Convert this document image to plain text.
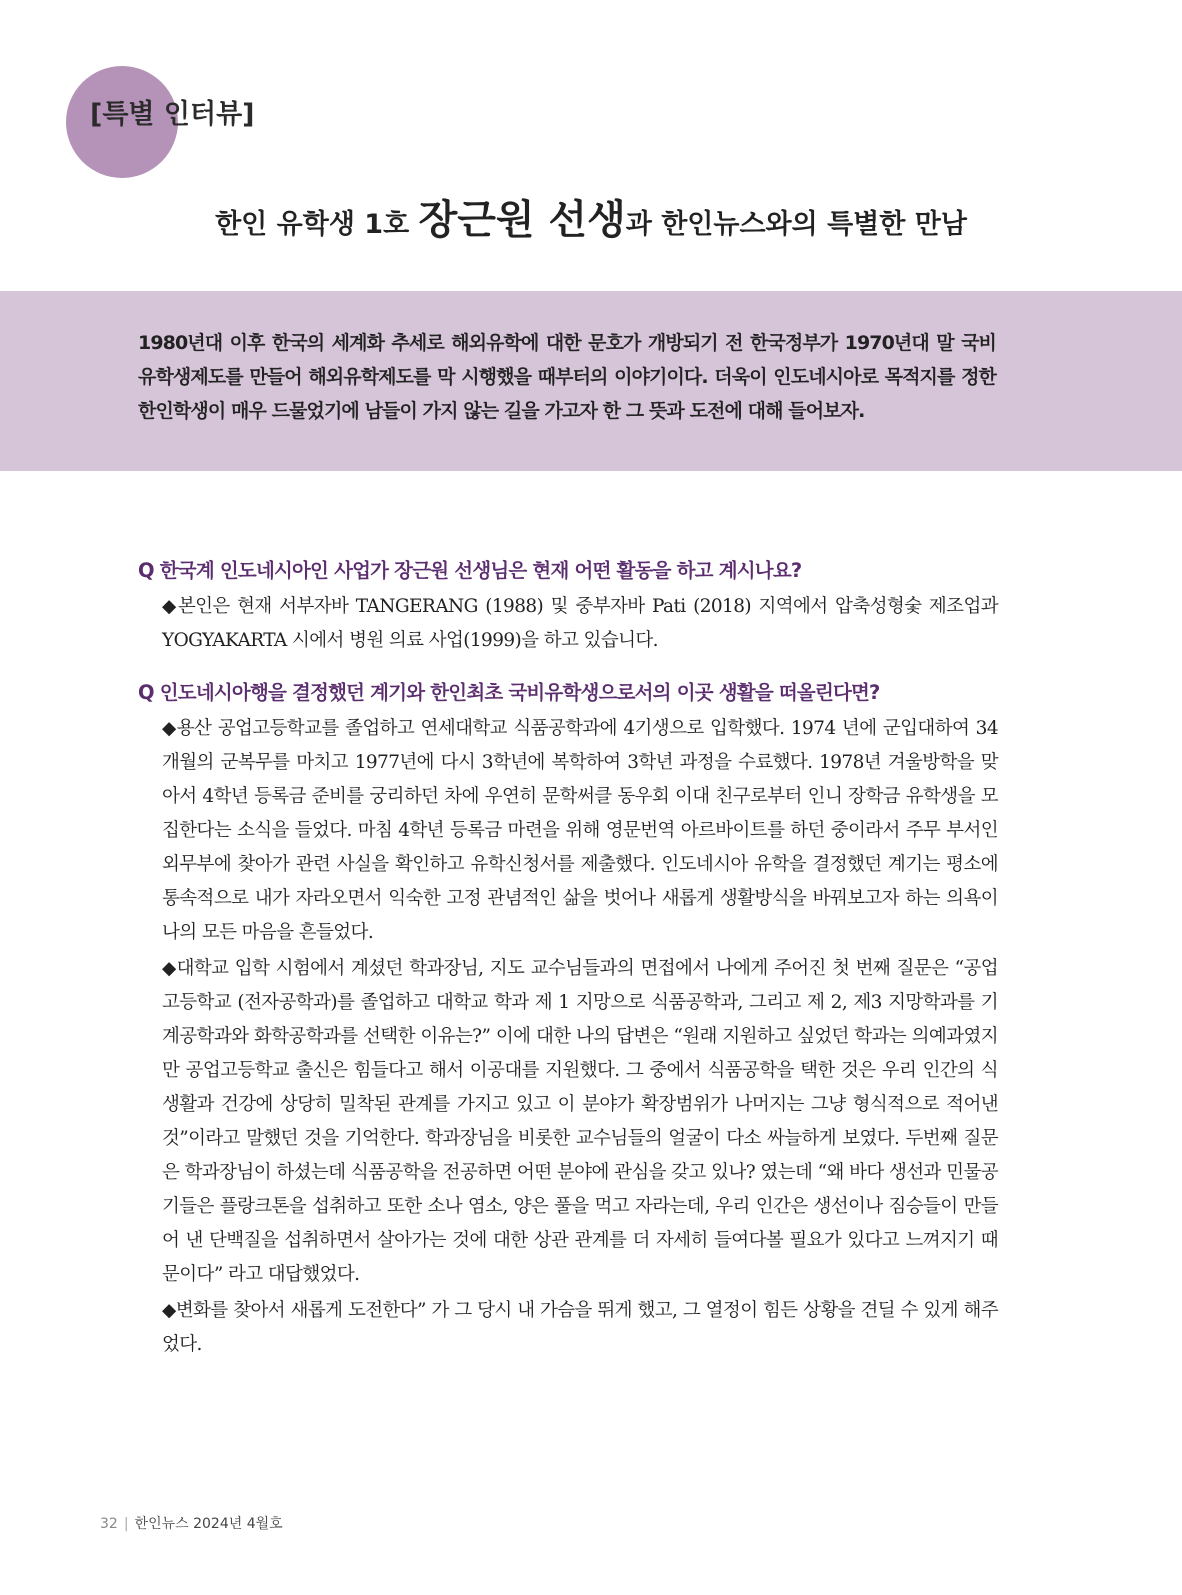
[특별 인터뷰]
한인 유학생 1호 장근원 선생과 한인뉴스와의 특별한 만남
1980년대 이후 한국의 세계화 추세로 해외유학에 대한 문호가 개방되기 전 한국정부가 1970년대 말 국비 유학생제도를 만들어 해외유학제도를 막 시행했을 때부터의 이야기이다. 더욱이 인도네시아로 목적지를 정한 한인학생이 매우 드물었기에 남들이 가지 않는 길을 가고자 한 그 뜻과 도전에 대해 들어보자.
Q 한국계 인도네시아인 사업가 장근원 선생님은 현재 어떤 활동을 하고 계시나요?
◆본인은 현재 서부자바 TANGERANG (1988) 및 중부자바 Pati (2018) 지역에서 압축성형숯 제조업과 YOGYAKARTA 시에서 병원 의료 사업(1999)을 하고 있습니다.
Q 인도네시아행을 결정했던 계기와 한인최초 국비유학생으로서의 이곳 생활을 떠올린다면?
◆용산 공업고등학교를 졸업하고 연세대학교 식품공학과에 4기생으로 입학했다. 1974 년에 군입대하여 34개월의 군복무를 마치고 1977년에 다시 3학년에 복학하여 3학년 과정을 수료했다. 1978년 겨울방학을 맞아서 4학년 등록금 준비를 궁리하던 차에 우연히 문학써클 동우회 이대 친구로부터 인니 장학금 유학생을 모집한다는 소식을 들었다. 마침 4학년 등록금 마련을 위해 영문번역 아르바이트를 하던 중이라서 주무 부서인 외무부에 찾아가 관련 사실을 확인하고 유학신청서를 제출했다. 인도네시아 유학을 결정했던 계기는 평소에 통속적으로 내가 자라오면서 익숙한 고정 관념적인 삶을 벗어나 새롭게 생활방식을 바꿔보고자 하는 의욕이 나의 모든 마음을 흔들었다.
◆대학교 입학 시험에서 계셨던 학과장님, 지도 교수님들과의 면접에서 나에게 주어진 첫 번째 질문은 “공업고등학교 (전자공학과)를 졸업하고 대학교 학과 제 1 지망으로 식품공학과, 그리고 제 2, 제3 지망학과를 기계공학과와 화학공학과를 선택한 이유는?” 이에 대한 나의 답변은 “원래 지원하고 싶었던 학과는 의예과였지만 공업고등학교 출신은 힘들다고 해서 이공대를 지원했다. 그 중에서 식품공학을 택한 것은 우리 인간의 식생활과 건강에 상당히 밀착된 관계를 가지고 있고 이 분야가 확장범위가 나머지는 그냥 형식적으로 적어낸 것”이라고 말했던 것을 기억한다. 학과장님을 비롯한 교수님들의 얼굴이 다소 싸늘하게 보였다. 두번째 질문은 학과장님이 하셨는데 식품공학을 전공하면 어떤 분야에 관심을 갖고 있나? 였는데 “왜 바다 생선과 민물공기들은 플랑크톤을 섭취하고 또한 소나 염소, 양은 풀을 먹고 자라는데, 우리 인간은 생선이나 짐승들이 만들어 낸 단백질을 섭취하면서 살아가는 것에 대한 상관 관계를 더 자세히 들여다볼 필요가 있다고 느껴지기 때문이다” 라고 대답했었다.
◆변화를 찾아서 새롭게 도전한다” 가 그 당시 내 가슴을 뛰게 했고, 그 열정이 힘든 상황을 견딜 수 있게 해주었다.
32 | 한인뉴스 2024년 4월호
